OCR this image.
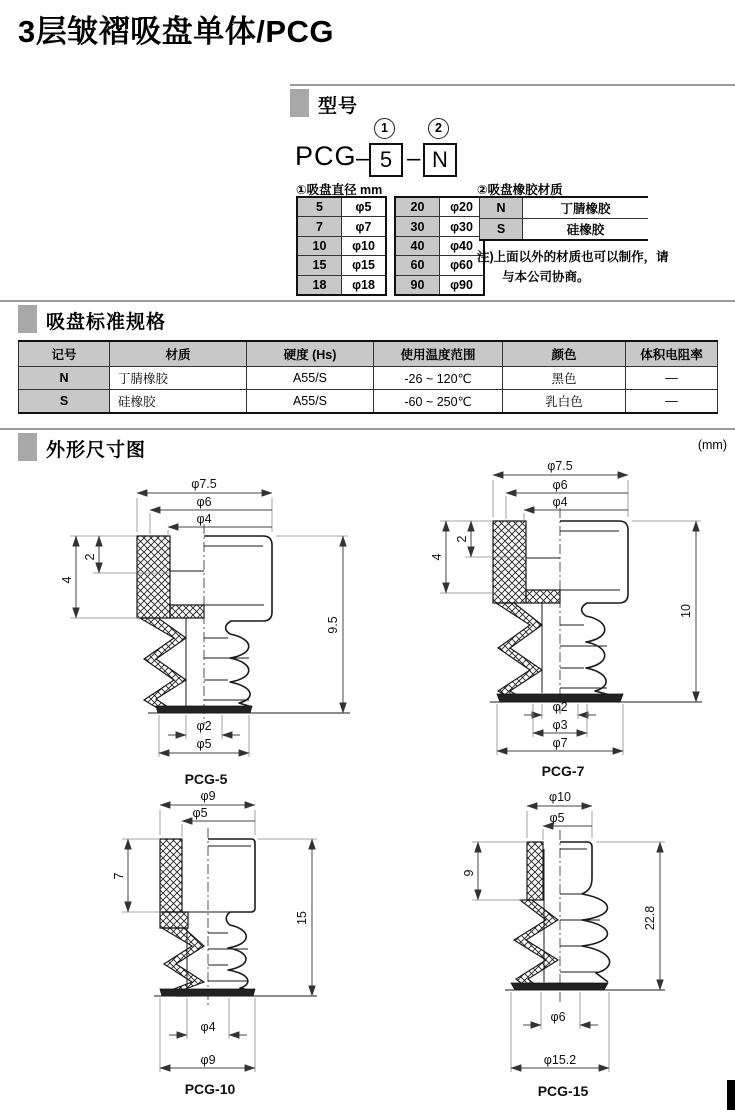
3层皱褶吸盘单体/PCG
型号
1	2
PCG – 5 – N
①吸盘直径 mm
5	φ5
7	φ7
10	φ10
15	φ15
18	φ18
20	φ20
30	φ30
40	φ40
60	φ60
90	φ90
②吸盘橡胶材质
N	丁腈橡胶
S	硅橡胶
注)上面以外的材质也可以制作，请
与本公司协商。
吸盘标准规格
记号	材质	硬度 (Hs)	使用温度范围	颜色	体积电阻率
N	丁腈橡胶	A55/S	-26 ~ 120℃	黑色	—
S	硅橡胶	A55/S	-60 ~ 250℃	乳白色	—
外形尺寸图	(mm)
φ7.5
φ6
φ4
4
2
9.5
φ2
φ5
PCG-5
φ7.5
φ6
φ4
4
2
10
φ2
φ3
φ7
PCG-7
φ9
φ5
7
15
φ4
φ9
PCG-10
φ10
φ5
9
22.8
φ6
φ15.2
PCG-15
